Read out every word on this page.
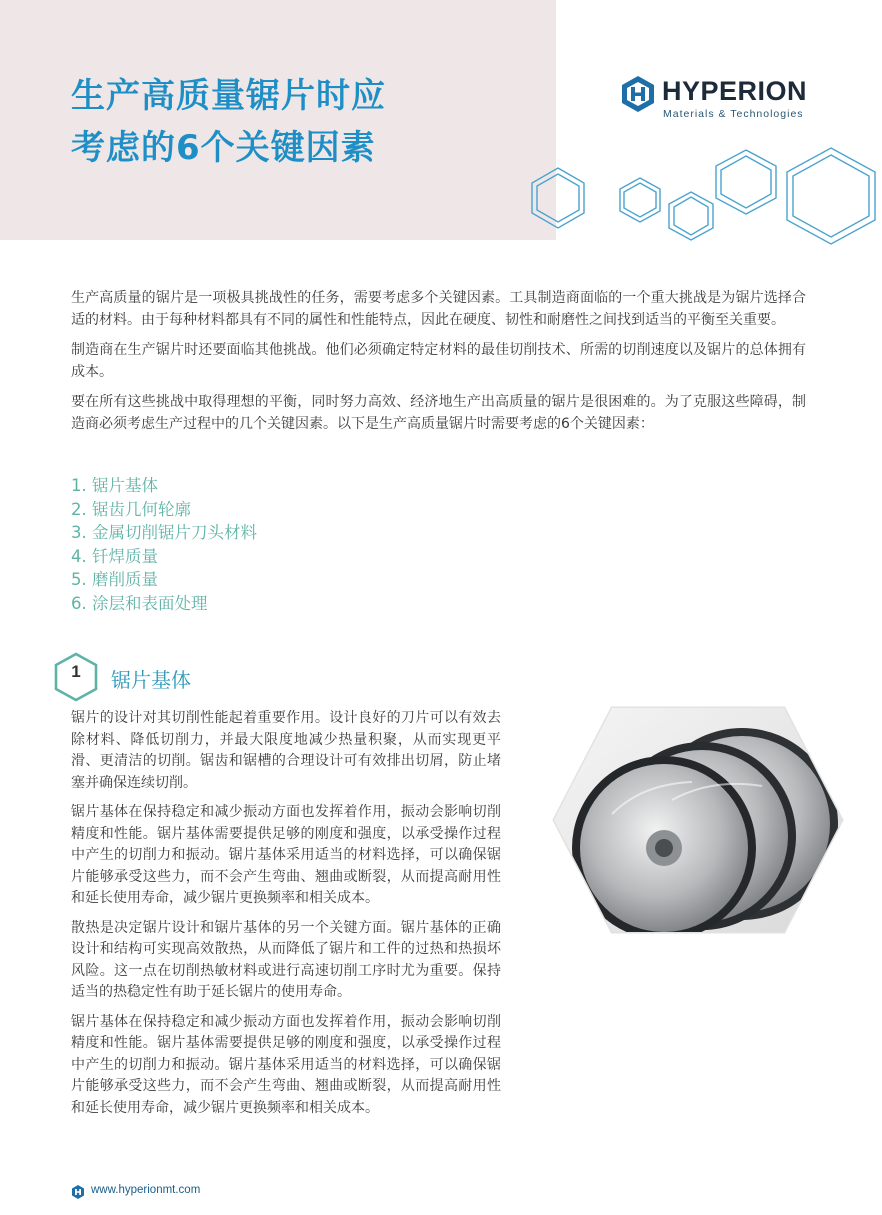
生产高质量锯片时应
考虑的6个关键因素
HYPERION
Materials & Technologies

生产高质量的锯片是一项极具挑战性的任务，需要考虑多个关键因素。工具制造商面临的一个重大挑战是为锯片选择合适的材料。由于每种材料都具有不同的属性和性能特点，因此在硬度、韧性和耐磨性之间找到适当的平衡至关重要。

制造商在生产锯片时还要面临其他挑战。他们必须确定特定材料的最佳切削技术、所需的切削速度以及锯片的总体拥有成本。

要在所有这些挑战中取得理想的平衡，同时努力高效、经济地生产出高质量的锯片是很困难的。为了克服这些障碍，制造商必须考虑生产过程中的几个关键因素。以下是生产高质量锯片时需要考虑的6个关键因素：

1. 锯片基体
2. 锯齿几何轮廓
3. 金属切削锯片刀头材料
4. 钎焊质量
5. 磨削质量
6. 涂层和表面处理
1 锯片基体

锯片的设计对其切削性能起着重要作用。设计良好的刀片可以有效去除材料、降低切削力，并最大限度地减少热量积聚，从而实现更平滑、更清洁的切削。锯齿和锯槽的合理设计可有效排出切屑，防止堵塞并确保连续切削。

锯片基体在保持稳定和减少振动方面也发挥着作用，振动会影响切削精度和性能。锯片基体需要提供足够的刚度和强度，以承受操作过程中产生的切削力和振动。锯片基体采用适当的材料选择，可以确保锯片能够承受这些力，而不会产生弯曲、翘曲或断裂，从而提高耐用性和延长使用寿命，减少锯片更换频率和相关成本。

散热是决定锯片设计和锯片基体的另一个关键方面。锯片基体的正确设计和结构可实现高效散热，从而降低了锯片和工件的过热和热损坏风险。这一点在切削热敏材料或进行高速切削工序时尤为重要。保持适当的热稳定性有助于延长锯片的使用寿命。

锯片基体在保持稳定和减少振动方面也发挥着作用，振动会影响切削精度和性能。锯片基体需要提供足够的刚度和强度，以承受操作过程中产生的切削力和振动。锯片基体采用适当的材料选择，可以确保锯片能够承受这些力，而不会产生弯曲、翘曲或断裂，从而提高耐用性和延长使用寿命，减少锯片更换频率和相关成本。

www.hyperionmt.com
